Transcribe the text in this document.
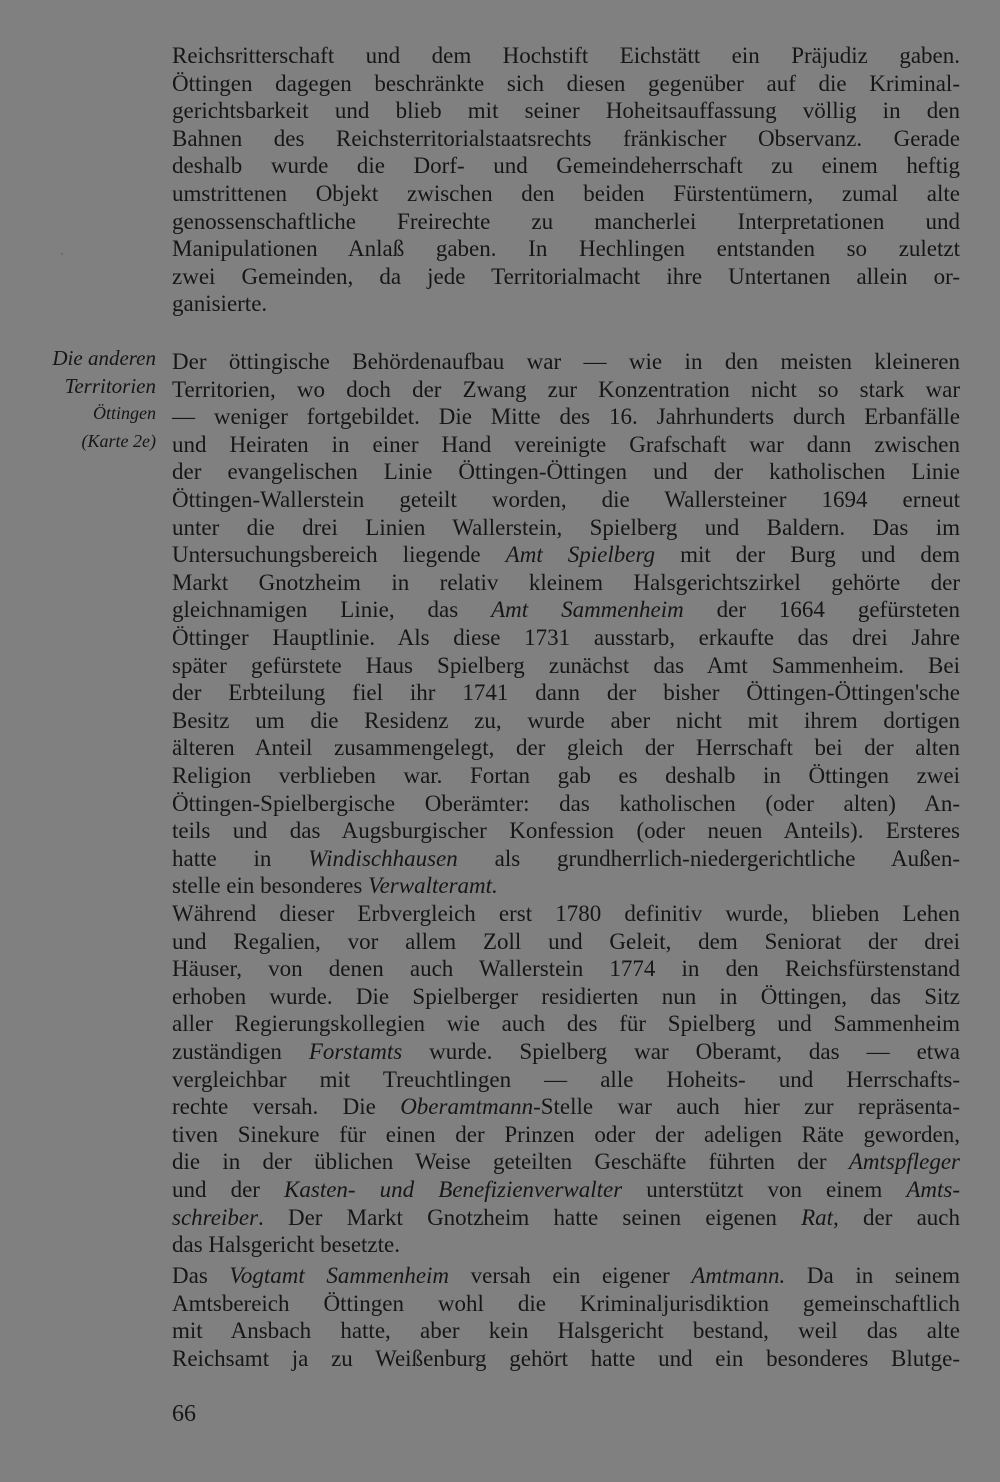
Reichsritterschaft und dem Hochstift Eichstätt ein Präjudiz gaben.
Öttingen dagegen beschränkte sich diesen gegenüber auf die Kriminal-
gerichtsbarkeit und blieb mit seiner Hoheitsauffassung völlig in den
Bahnen des Reichsterritorialstaatsrechts fränkischer Observanz. Gerade
deshalb wurde die Dorf- und Gemeindeherrschaft zu einem heftig
umstrittenen Objekt zwischen den beiden Fürstentümern, zumal alte
genossenschaftliche Freirechte zu mancherlei Interpretationen und
Manipulationen Anlaß gaben. In Hechlingen entstanden so zuletzt
zwei Gemeinden, da jede Territorialmacht ihre Untertanen allein or-
ganisierte.
˙
Die anderen
Territorien
Öttingen
(Karte 2e)
Der öttingische Behördenaufbau war — wie in den meisten kleineren
Territorien, wo doch der Zwang zur Konzentration nicht so stark war
— weniger fortgebildet. Die Mitte des 16. Jahrhunderts durch Erbanfälle
und Heiraten in einer Hand vereinigte Grafschaft war dann zwischen
der evangelischen Linie Öttingen-Öttingen und der katholischen Linie
Öttingen-Wallerstein geteilt worden, die Wallersteiner 1694 erneut
unter die drei Linien Wallerstein, Spielberg und Baldern. Das im
Untersuchungsbereich liegende Amt Spielberg mit der Burg und dem
Markt Gnotzheim in relativ kleinem Halsgerichtszirkel gehörte der
gleichnamigen Linie, das Amt Sammenheim der 1664 gefürsteten
Öttinger Hauptlinie. Als diese 1731 ausstarb, erkaufte das drei Jahre
später gefürstete Haus Spielberg zunächst das Amt Sammenheim. Bei
der Erbteilung fiel ihr 1741 dann der bisher Öttingen-Öttingen'sche
Besitz um die Residenz zu, wurde aber nicht mit ihrem dortigen
älteren Anteil zusammengelegt, der gleich der Herrschaft bei der alten
Religion verblieben war. Fortan gab es deshalb in Öttingen zwei
Öttingen-Spielbergische Oberämter: das katholischen (oder alten) An-
teils und das Augsburgischer Konfession (oder neuen Anteils). Ersteres
hatte in Windischhausen als grundherrlich-niedergerichtliche Außen-
stelle ein besonderes Verwalteramt.
Während dieser Erbvergleich erst 1780 definitiv wurde, blieben Lehen
und Regalien, vor allem Zoll und Geleit, dem Seniorat der drei
Häuser, von denen auch Wallerstein 1774 in den Reichsfürstenstand
erhoben wurde. Die Spielberger residierten nun in Öttingen, das Sitz
aller Regierungskollegien wie auch des für Spielberg und Sammenheim
zuständigen Forstamts wurde. Spielberg war Oberamt, das — etwa
vergleichbar mit Treuchtlingen — alle Hoheits- und Herrschafts-
rechte versah. Die Oberamtmann-Stelle war auch hier zur repräsenta-
tiven Sinekure für einen der Prinzen oder der adeligen Räte geworden,
die in der üblichen Weise geteilten Geschäfte führten der Amtspfleger
und der Kasten- und Benefizienverwalter unterstützt von einem Amts-
schreiber. Der Markt Gnotzheim hatte seinen eigenen Rat, der auch
das Halsgericht besetzte.
Das Vogtamt Sammenheim versah ein eigener Amtmann. Da in seinem
Amtsbereich Öttingen wohl die Kriminaljurisdiktion gemeinschaftlich
mit Ansbach hatte, aber kein Halsgericht bestand, weil das alte
Reichsamt ja zu Weißenburg gehört hatte und ein besonderes Blutge-
66
